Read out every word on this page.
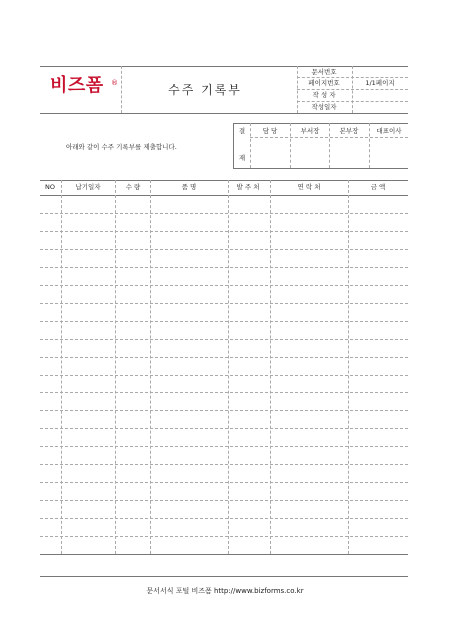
비즈폼 ®	수주 기록부
문서번호
페이지번호	1/1페이지
작 성 자
작성일자
아래와 같이 수주 기록부를 제출합니다.
결
재
담 당	부서장	본부장	대표이사
NO	납기일자	수 량	품 명	발 주 처	연 락 처	금 액
문서서식 포털 비즈폼 http://www.bizforms.co.kr
